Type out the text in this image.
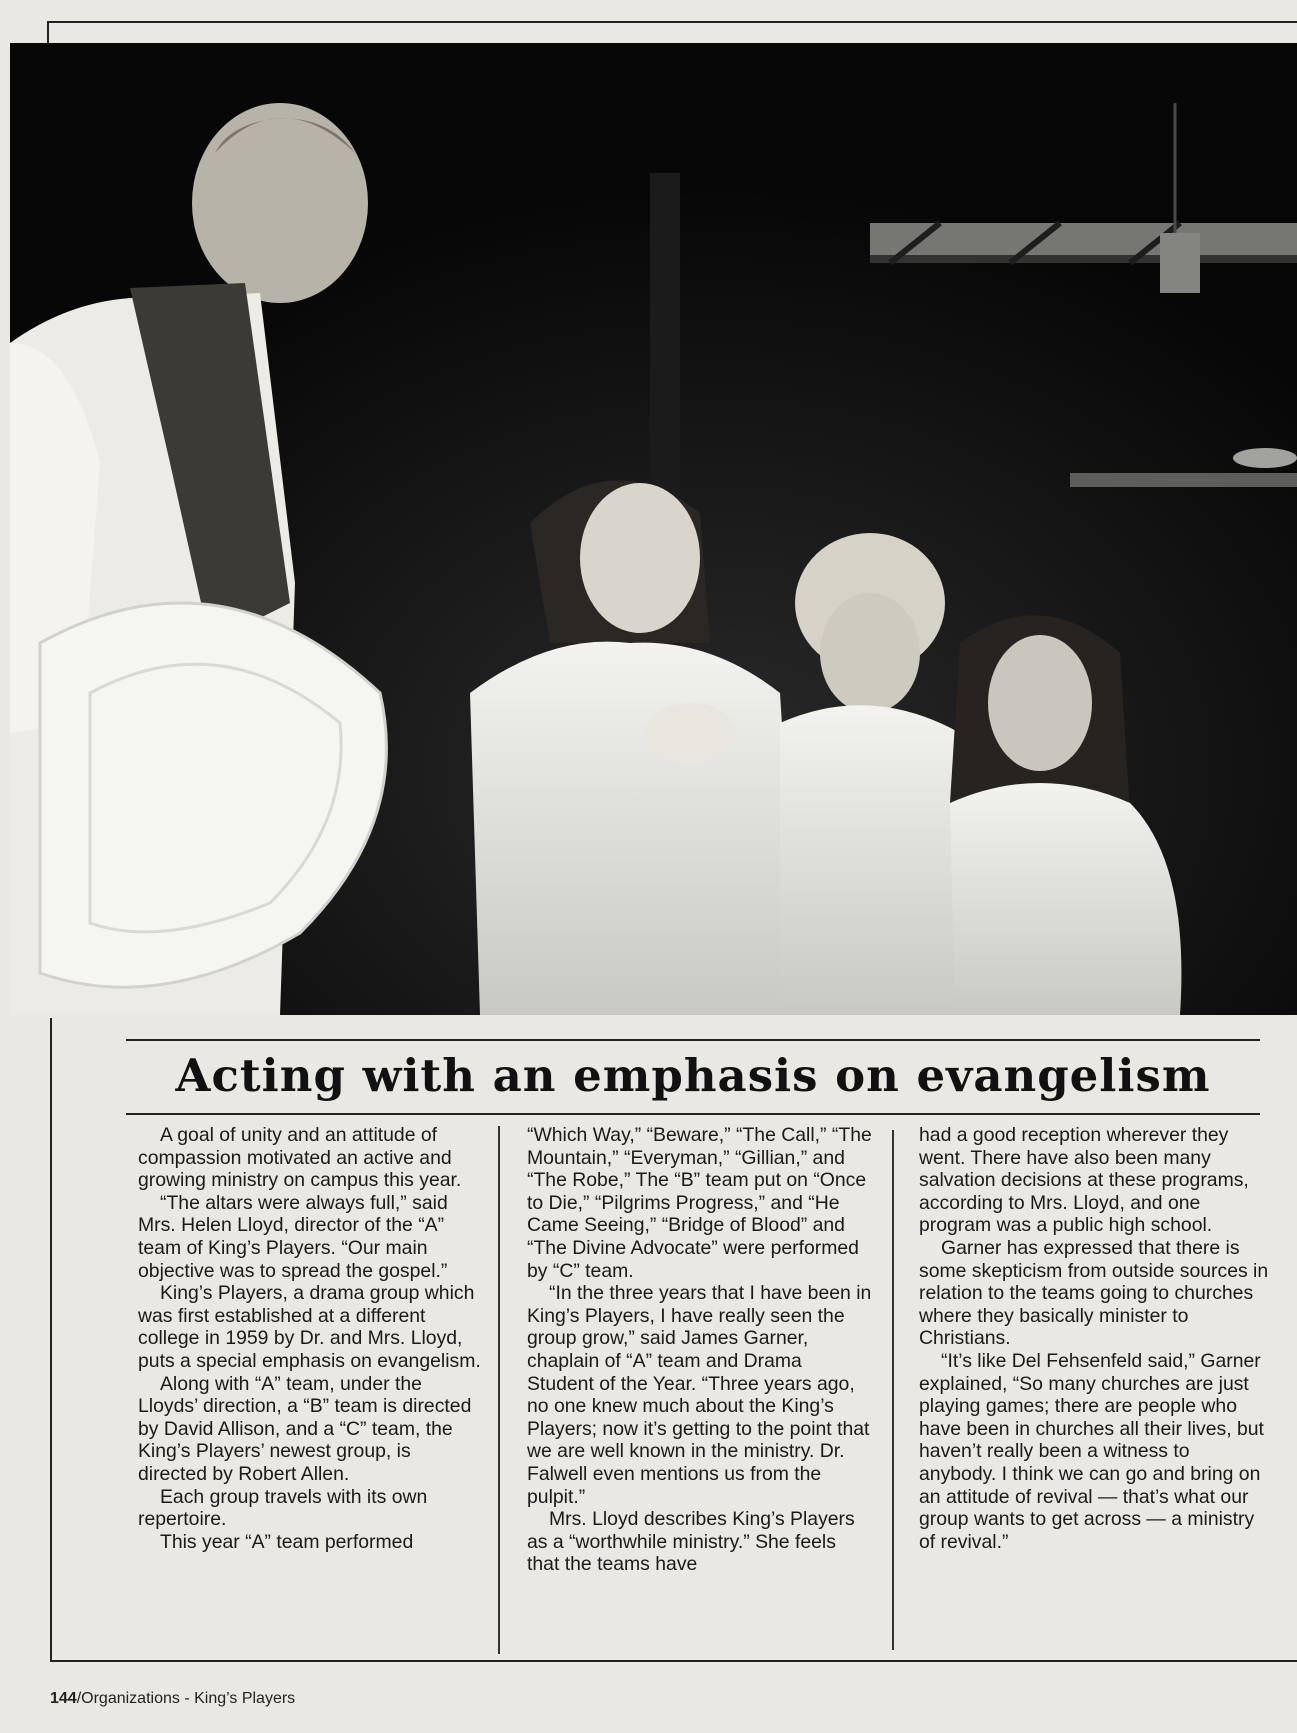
Acting with an emphasis on evangelism

A goal of unity and an attitude of compassion motivated an active and growing ministry on campus this year.

“The altars were always full,” said Mrs. Helen Lloyd, director of the “A” team of King’s Players. “Our main objective was to spread the gospel.”

King’s Players, a drama group which was first established at a different college in 1959 by Dr. and Mrs. Lloyd, puts a special emphasis on evangelism.

Along with “A” team, under the Lloyds’ direction, a “B” team is directed by David Allison, and a “C” team, the King’s Players’ newest group, is directed by Robert Allen.

Each group travels with its own repertoire.

This year “A” team performed

“Which Way,” “Beware,” “The Call,” “The Mountain,” “Everyman,” “Gillian,” and “The Robe,” The “B” team put on “Once to Die,” “Pilgrims Progress,” and “He Came Seeing,” “Bridge of Blood” and “The Divine Advocate” were performed by “C” team.

“In the three years that I have been in King’s Players, I have really seen the group grow,” said James Garner, chaplain of “A” team and Drama Student of the Year. “Three years ago, no one knew much about the King’s Players; now it’s getting to the point that we are well known in the ministry. Dr. Falwell even mentions us from the pulpit.”

Mrs. Lloyd describes King’s Players as a “worthwhile ministry.” She feels that the teams have

had a good reception wherever they went. There have also been many salvation decisions at these programs, according to Mrs. Lloyd, and one program was a public high school.

Garner has expressed that there is some skepticism from outside sources in relation to the teams going to churches where they basically minister to Christians.

“It’s like Del Fehsenfeld said,” Garner explained, “So many churches are just playing games; there are people who have been in churches all their lives, but haven’t really been a witness to anybody. I think we can go and bring on an attitude of revival — that’s what our group wants to get across — a ministry of revival.”

144/Organizations - King’s Players
